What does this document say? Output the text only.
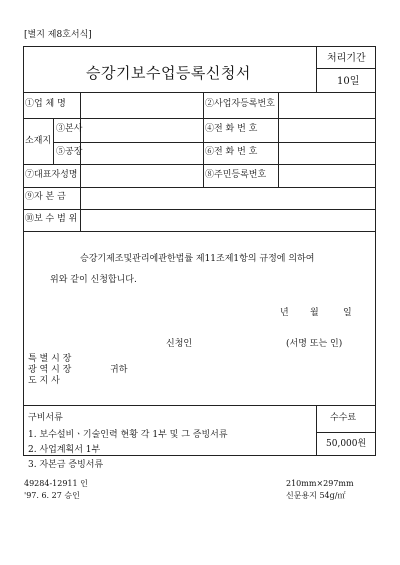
[별지 제8호서식]
승강기보수업등록신청서
처리기간
10일
①업 체 명	②사업자등록번호
소재지
③본사	④전 화 번 호
⑤공장	⑥전 화 번 호
⑦대표자성명	⑧주민등록번호
⑨자 본 금
⑩보 수 범 위
승강기제조및관리에관한법률 제11조제1항의 규정에 의하여
위와 같이 신청합니다.
년 월	일
신청인	(서명 또는 인)
특 별 시 장
광 역 시 장
도 지 사
귀하
구비서류
1. 보수설비ㆍ기술인력 현황 각 1부 및 그 증빙서류
2. 사업계획서 1부
3. 자본금 증빙서류
수수료
50,000원
49284-12911 인
'97. 6. 27 승인
210mm×297mm
신문용지 54g/㎡
